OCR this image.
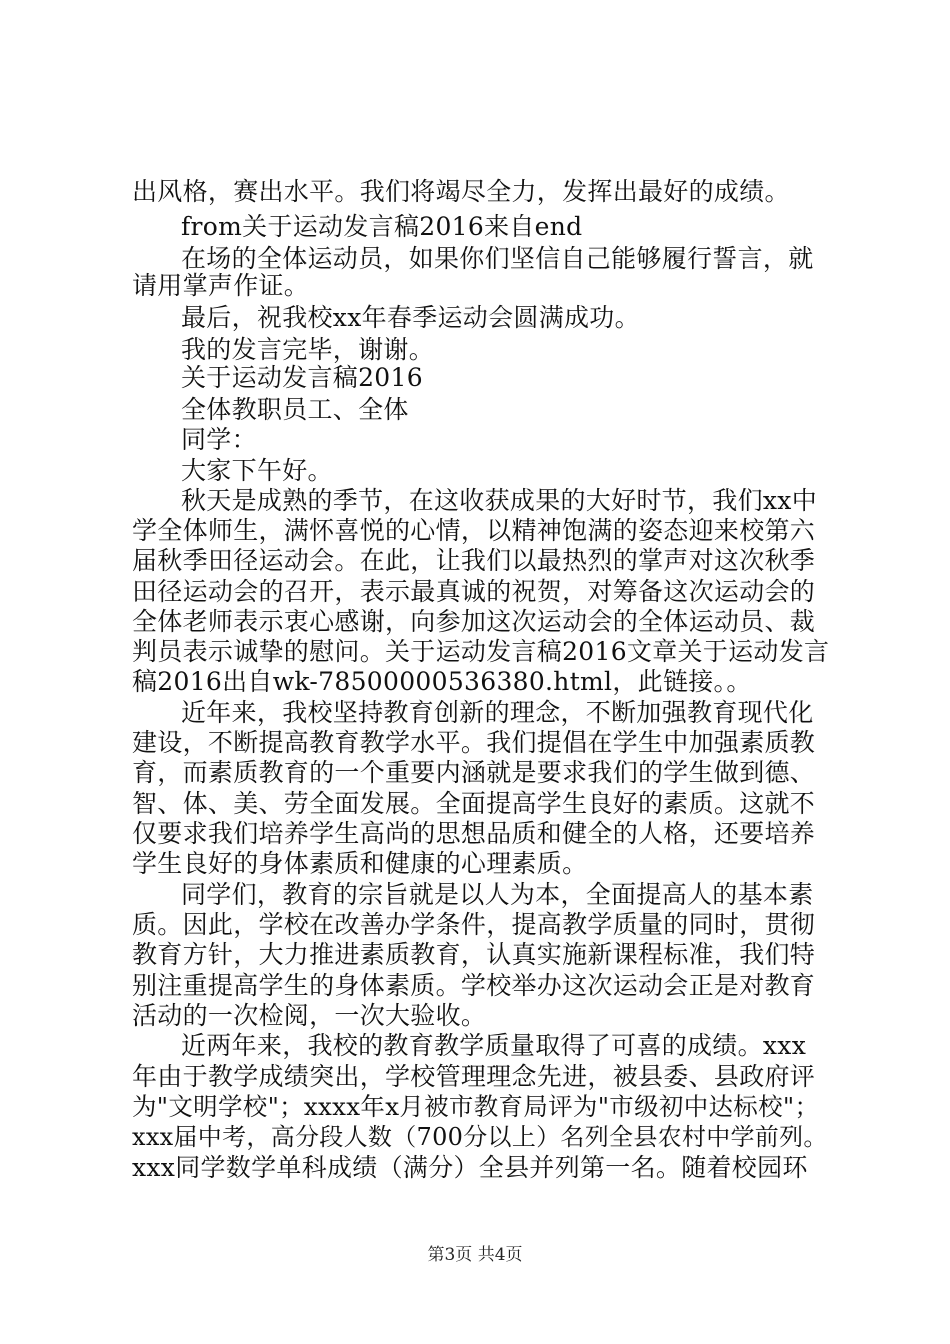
出风格，赛出水平。我们将竭尽全力，发挥出最好的成绩。
from关于运动发言稿2016来自end
在场的全体运动员，如果你们坚信自己能够履行誓言，就
请用掌声作证。
最后，祝我校xx年春季运动会圆满成功。
我的发言完毕，谢谢。
关于运动发言稿2016
全体教职员工、全体
同学：
大家下午好。
秋天是成熟的季节，在这收获成果的大好时节，我们xx中
学全体师生，满怀喜悦的心情，以精神饱满的姿态迎来校第六
届秋季田径运动会。在此，让我们以最热烈的掌声对这次秋季
田径运动会的召开，表示最真诚的祝贺，对筹备这次运动会的
全体老师表示衷心感谢，向参加这次运动会的全体运动员、裁
判员表示诚挚的慰问。关于运动发言稿2016文章关于运动发言
稿2016出自wk-78500000536380.html，此链接。。
近年来，我校坚持教育创新的理念，不断加强教育现代化
建设，不断提高教育教学水平。我们提倡在学生中加强素质教
育，而素质教育的一个重要内涵就是要求我们的学生做到德、
智、体、美、劳全面发展。全面提高学生良好的素质。这就不
仅要求我们培养学生高尚的思想品质和健全的人格，还要培养
学生良好的身体素质和健康的心理素质。
同学们，教育的宗旨就是以人为本，全面提高人的基本素
质。因此，学校在改善办学条件，提高教学质量的同时，贯彻
教育方针，大力推进素质教育，认真实施新课程标准，我们特
别注重提高学生的身体素质。学校举办这次运动会正是对教育
活动的一次检阅，一次大验收。
近两年来，我校的教育教学质量取得了可喜的成绩。xxx
年由于教学成绩突出，学校管理理念先进，被县委、县政府评
为"文明学校"；xxxx年x月被市教育局评为"市级初中达标校"；
xxx届中考，高分段人数（700分以上）名列全县农村中学前列。
xxx同学数学单科成绩（满分）全县并列第一名。随着校园环
第3页 共4页
